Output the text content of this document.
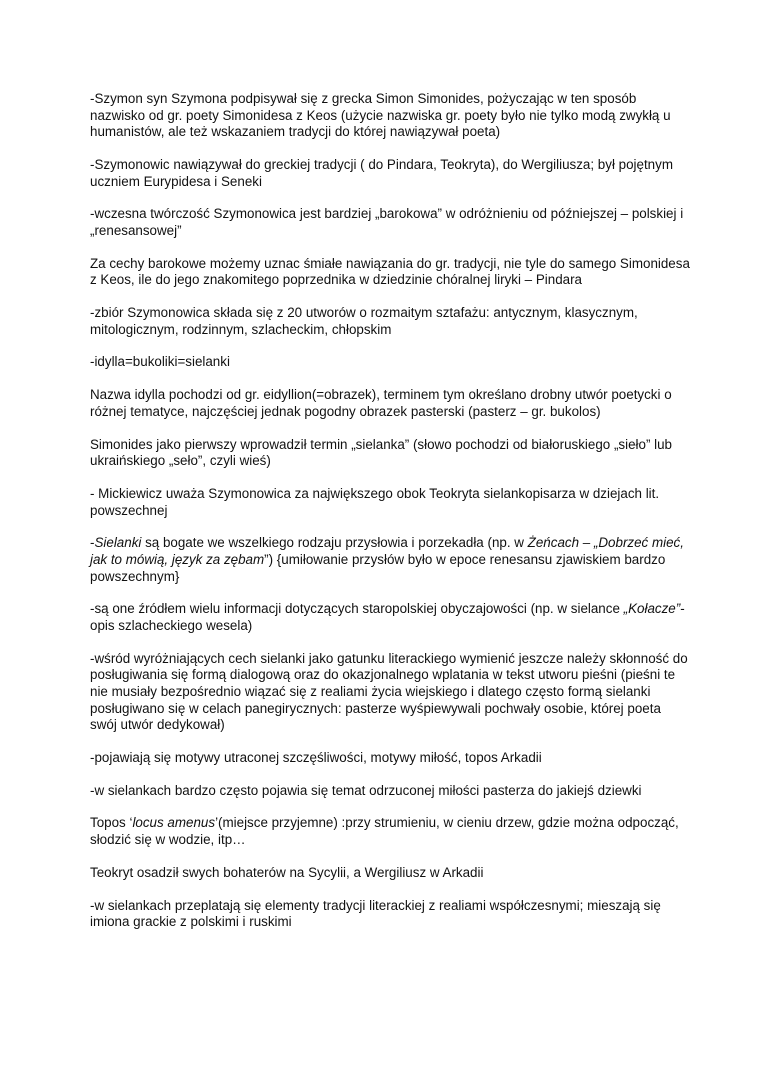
-Szymon syn Szymona podpisywał się z grecka Simon Simonides, pożyczając w ten sposób nazwisko od gr. poety Simonidesa z Keos (użycie nazwiska gr. poety było nie tylko modą zwykłą u humanistów, ale też wskazaniem tradycji do której nawiązywał poeta)

-Szymonowic nawiązywał do greckiej tradycji ( do Pindara, Teokryta), do Wergiliusza; był pojętnym uczniem Eurypidesa i Seneki

-wczesna twórczość Szymonowica jest bardziej „barokowa” w odróżnieniu od późniejszej – polskiej i „renesansowej”

Za cechy barokowe możemy uznac śmiałe nawiązania do gr. tradycji, nie tyle do samego Simonidesa z Keos, ile do jego znakomitego poprzednika w dziedzinie chóralnej liryki – Pindara

-zbiór Szymonowica składa się z 20 utworów o rozmaitym sztafażu: antycznym, klasycznym, mitologicznym, rodzinnym, szlacheckim, chłopskim

-idylla=bukoliki=sielanki

Nazwa idylla pochodzi od gr. eidyllion(=obrazek), terminem tym określano drobny utwór poetycki o różnej tematyce, najczęściej jednak pogodny obrazek pasterski (pasterz – gr. bukolos)

Simonides jako pierwszy wprowadził termin „sielanka” (słowo pochodzi od białoruskiego „sieło” lub ukraińskiego „seło”, czyli wieś)

- Mickiewicz uważa Szymonowica za największego obok Teokryta sielankopisarza w dziejach lit. powszechnej

-Sielanki są bogate we wszelkiego rodzaju przysłowia i porzekadła (np. w Żeńcach – „Dobrzeć mieć, jak to mówią, język za zębam”) {umiłowanie przysłów było w epoce renesansu zjawiskiem bardzo powszechnym}

-są one źródłem wielu informacji dotyczących staropolskiej obyczajowości (np. w sielance „Kołacze”- opis szlacheckiego wesela)

-wśród wyróżniających cech sielanki jako gatunku literackiego wymienić jeszcze należy skłonność do posługiwania się formą dialogową oraz do okazjonalnego wplatania w tekst utworu pieśni (pieśni te nie musiały bezpośrednio wiązać się z realiami życia wiejskiego i dlatego często formą sielanki posługiwano się w celach panegirycznych: pasterze wyśpiewywali pochwały osobie, której poeta swój utwór dedykował)

-pojawiają się motywy utraconej szczęśliwości, motywy miłość, topos Arkadii

-w sielankach bardzo często pojawia się temat odrzuconej miłości pasterza do jakiejś dziewki

Topos ‘locus amenus’(miejsce przyjemne) :przy strumieniu, w cieniu drzew, gdzie można odpocząć, słodzić się w wodzie, itp…

Teokryt osadził swych bohaterów na Sycylii, a Wergiliusz w Arkadii

-w sielankach przeplatają się elementy tradycji literackiej z realiami współczesnymi; mieszają się imiona grackie z polskimi i ruskimi
